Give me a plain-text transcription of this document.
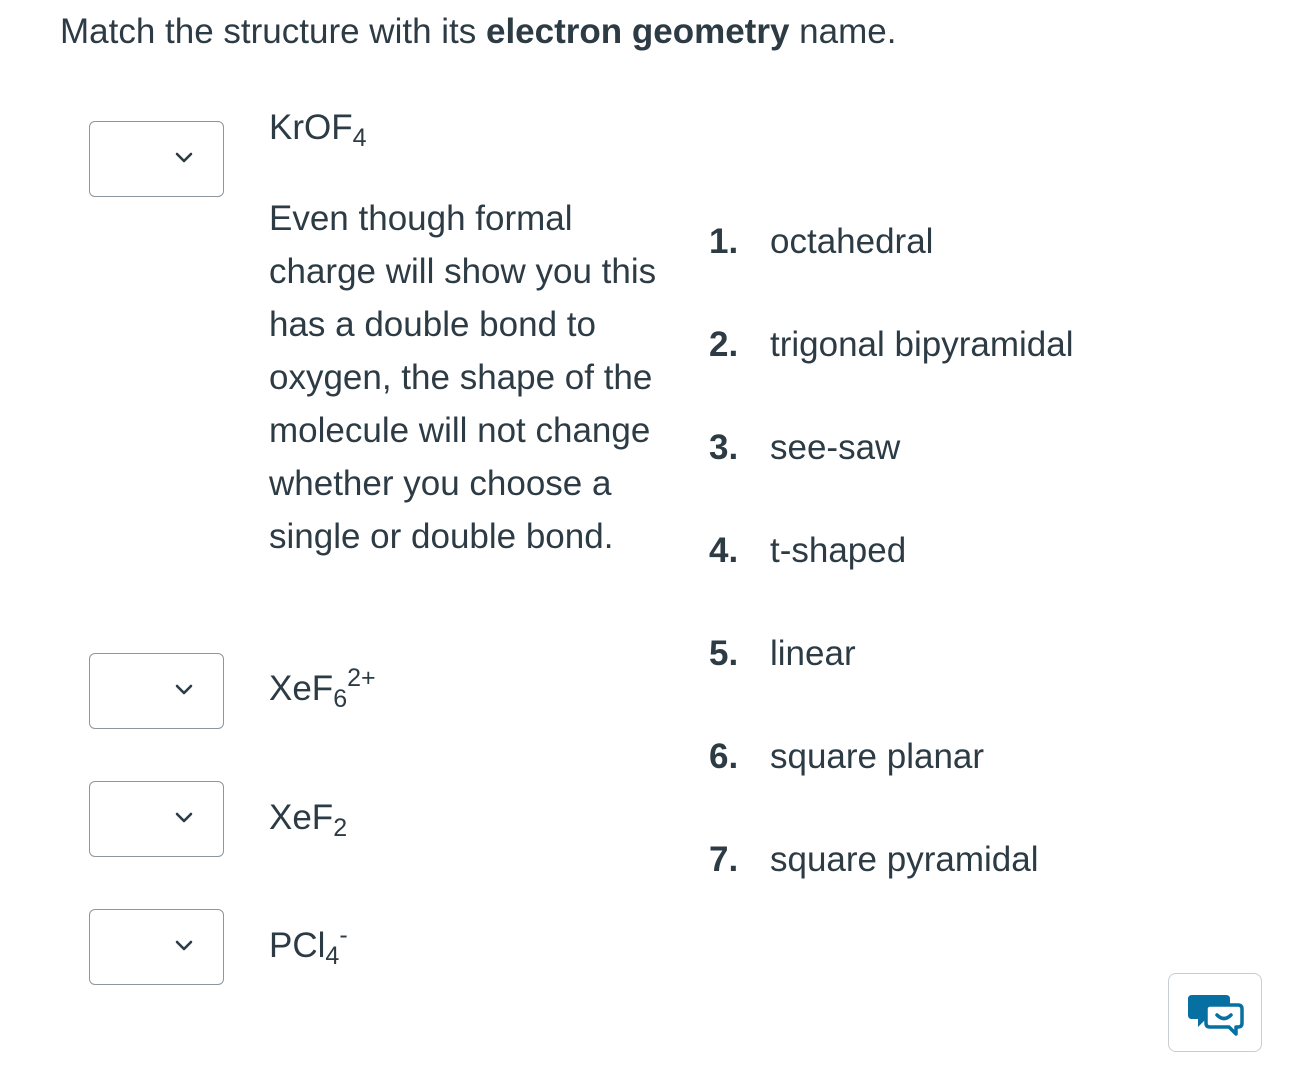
Match the structure with its electron geometry name.
KrOF$_4$
Even though formal charge will show you this has a double bond to oxygen, the shape of the molecule will not change whether you choose a single or double bond.
XeF$_6^{2+}$
XeF$_2$
PCl$_4$-
1. octahedral
2. trigonal bipyramidal
3. see-saw
4. t-shaped
5. linear
6. square planar
7. square pyramidal
